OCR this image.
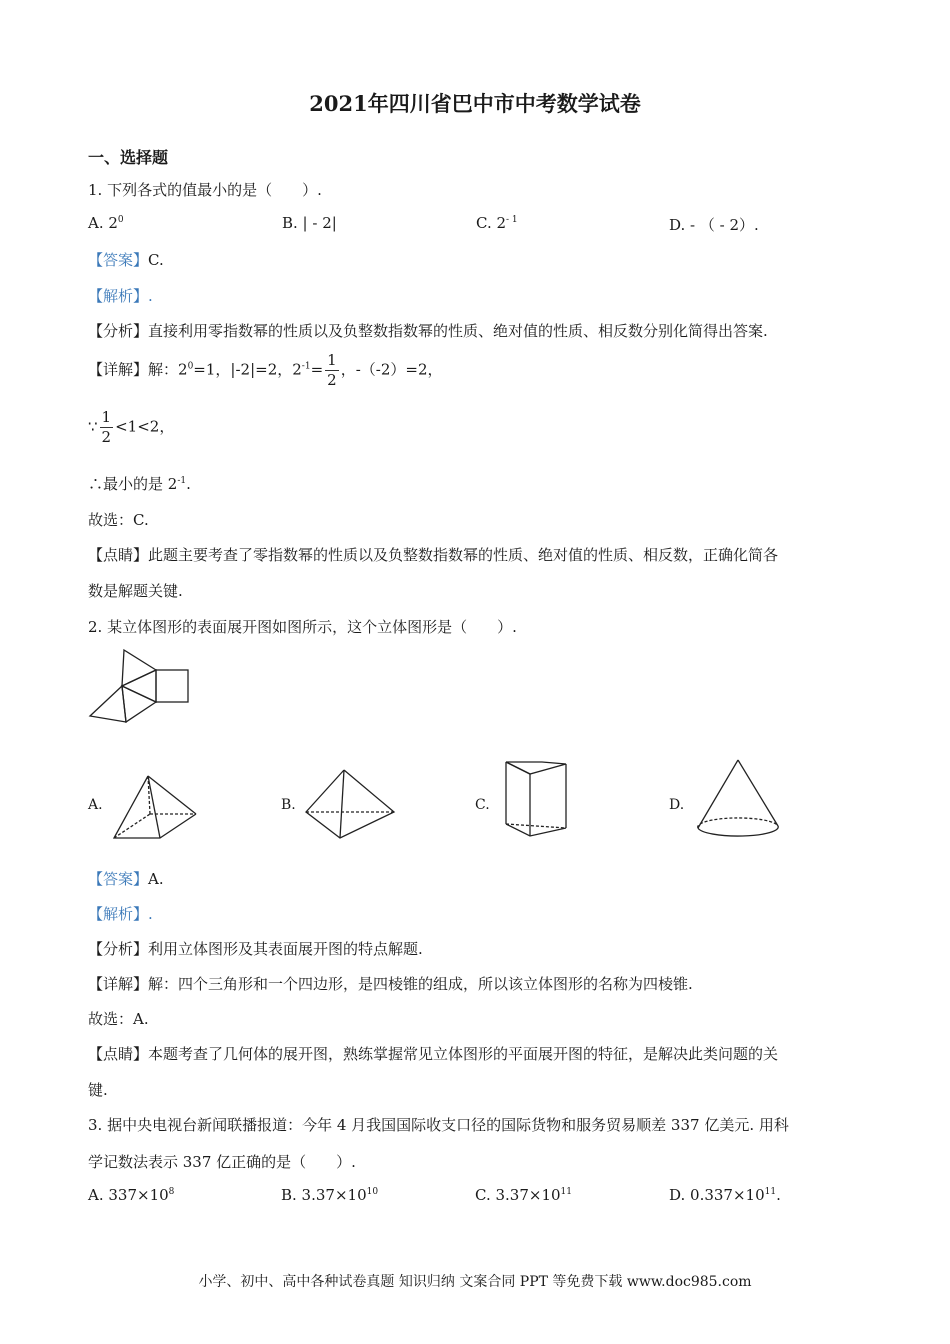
2021年四川省巴中市中考数学试卷
一、选择题
1. 下列各式的值最小的是（　　）.
A. $2^0$	B. | - 2|	C. $2^{- 1}$	D. - （ - 2）.
【答案】C.
【解析】.
【分析】直接利用零指数幂的性质以及负整数指数幂的性质、绝对值的性质、相反数分别化简得出答案.
【详解】解：$2^0=1$，|-2|=2，$2^{-1}= \frac{1}{2}$ ，-（-2）=2，
∵ $\frac{1}{2} <1<2$，
∴最小的是 $2^{-1}$.
故选：C.
【点睛】此题主要考查了零指数幂的性质以及负整数指数幂的性质、绝对值的性质、相反数，正确化简各
数是解题关键.
2. 某立体图形的表面展开图如图所示，这个立体图形是（　　）.
A.	B.	C.	D.
【答案】A.
【解析】.
【分析】利用立体图形及其表面展开图的特点解题.
【详解】解：四个三角形和一个四边形，是四棱锥的组成，所以该立体图形的名称为四棱锥.
故选：A.
【点睛】本题考查了几何体的展开图，熟练掌握常见立体图形的平面展开图的特征，是解决此类问题的关
键.
3. 据中央电视台新闻联播报道：今年 4 月我国国际收支口径的国际货物和服务贸易顺差 337 亿美元. 用科
学记数法表示 337 亿正确的是（　　）.
A. $337\times 10^8$	B. $3.37\times 10^{10}$	C. $3.37\times 10^{11}$	D. $0.337\times 10^{11}$.
小学、初中、高中各种试卷真题 知识归纳 文案合同 PPT 等免费下载 www.doc985.com
